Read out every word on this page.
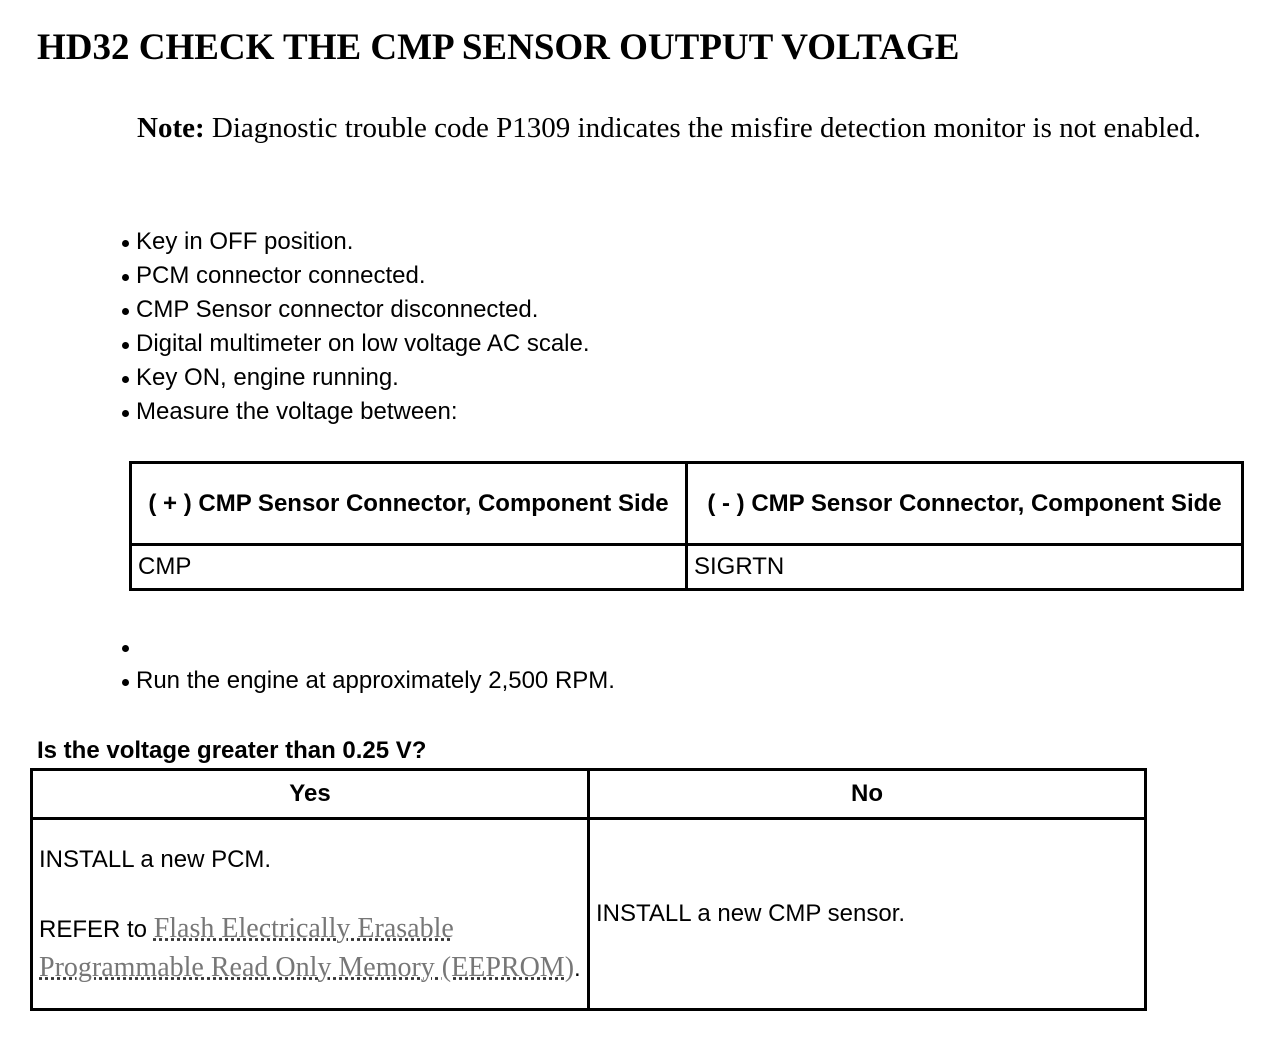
HD32 CHECK THE CMP SENSOR OUTPUT VOLTAGE

Note: Diagnostic trouble code P1309 indicates the misfire detection monitor is not enabled.

Key in OFF position.
PCM connector connected.
CMP Sensor connector disconnected.
Digital multimeter on low voltage AC scale.
Key ON, engine running.
Measure the voltage between:
( + ) CMP Sensor Connector, Component Side	( - ) CMP Sensor Connector, Component Side
CMP	SIGRTN
Run the engine at approximately 2,500 RPM.

Is the voltage greater than 0.25 V?

Yes	No

INSTALL a new PCM.

REFER to Flash Electrically Erasable Programmable Read Only Memory (EEPROM).	INSTALL a new CMP sensor.
